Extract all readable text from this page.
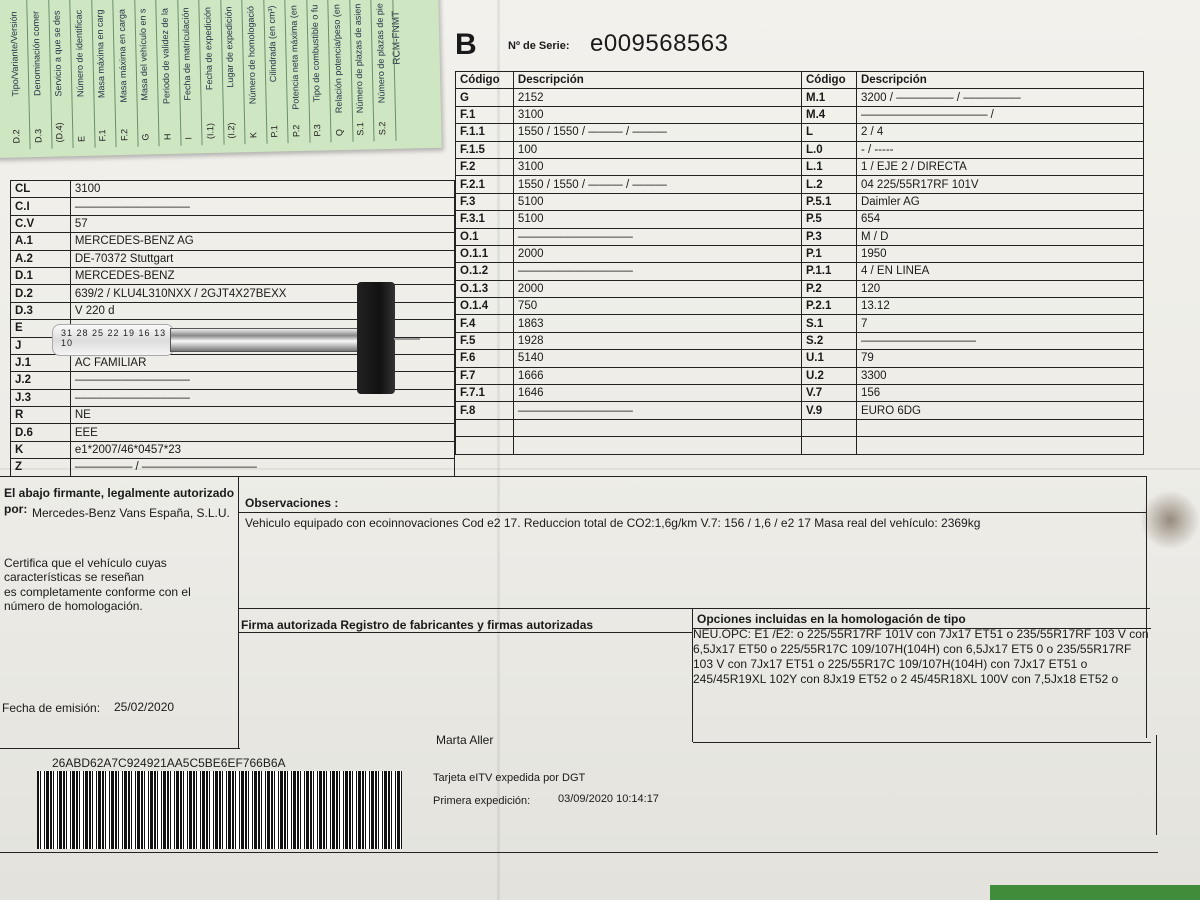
B	Nº de Serie: e009568563
CL	3100
C.I	——————————
C.V	57
A.1	MERCEDES-BENZ AG
A.2	DE-70372 Stuttgart
D.1	MERCEDES-BENZ
D.2	639/2 / KLU4L310NXX / 2GJT4X27BEXX
D.3	V 220 d
E	
J	
J.1	AC FAMILIAR
J.2	——————————
J.3	——————————
R	NE
D.6	EEE
K	e1*2007/46*0457*23
Z	————— / ——————————
Código	Descripción
G	2152
F.1	3100
F.1.1	1550 / 1550 / ——— / ———
F.1.5	100
F.2	3100
F.2.1	1550 / 1550 / ——— / ———
F.3	5100
F.3.1	5100
O.1	——————————
O.1.1	2000
O.1.2	——————————
O.1.3	2000
O.1.4	750
F.4	1863
F.5	1928
F.6	5140
F.7	1666
F.7.1	1646
F.8	——————————

Código	Descripción
M.1	3200 / ————— / —————
M.4	——————————— /
L	2 / 4
L.0	- / -----
L.1	1 / EJE 2 / DIRECTA
L.2	04 225/55R17RF 101V
P.5.1	Daimler AG
P.5	654
P.3	M / D
P.1	1950
P.1.1	4 / EN LINEA
P.2	120
P.2.1	13.12
S.1	7
S.2	——————————
U.1	79
U.2	3300
V.7	156
V.9	EURO 6DG

El abajo firmante, legalmente autorizado
por: Mercedes-Benz Vans España, S.L.U.
Certifica que el vehículo cuyas
características se reseñan
es completamente conforme con el
número de homologación.
Fecha de emisión: 25/02/2020
Observaciones :
Vehiculo equipado con ecoinnovaciones Cod e2 17. Reduccion total de CO2:1,6g/km V.7: 156 / 1,6 / e2 17 Masa real del vehículo: 2369kg
Firma autorizada Registro de fabricantes y firmas autorizadas
Marta Aller
Opciones incluidas en la homologación de tipo
NEU.OPC: E1 /E2: o 225/55R17RF 101V con 7Jx17 ET51 o 235/55R17RF 103 V con
6,5Jx17 ET50 o 225/55R17C 109/107H(104H) con 6,5Jx17 ET5 0 o 235/55R17RF
103 V con 7Jx17 ET51 o 225/55R17C 109/107H(104H) con 7Jx17 ET51 o
245/45R19XL 102Y con 8Jx19 ET52 o 2 45/45R18XL 100V con 7,5Jx18 ET52 o
26ABD62A7C924921AA5C5BE6EF766B6A
Tarjeta eITV expedida por DGT
Primera expedición:	03/09/2020 10:14:17
RCM-FNMT
Tipo/Variante/Versión
D.2
Denominación comer
D.3
Servicio a que se des
(D.4)
Número de identificac
E
Masa máxima en carg
F.1
Masa máxima en carga
F.2
Masa del vehículo en s
G
Periodo de validez de la
H
Fecha de matriculación
I
Fecha de expedición
(I.1)
Lugar de expedición
(I.2)
Número de homologació
K
Cilindrada (en cm³)
P.1
Potencia neta máxima (en
P.2
Tipo de combustible o fu
P.3
Relación potencia/peso (en
Q
Número de plazas de asien
S.1
Número de plazas de pie
S.2
31 28 25 22 19 16 13 10
